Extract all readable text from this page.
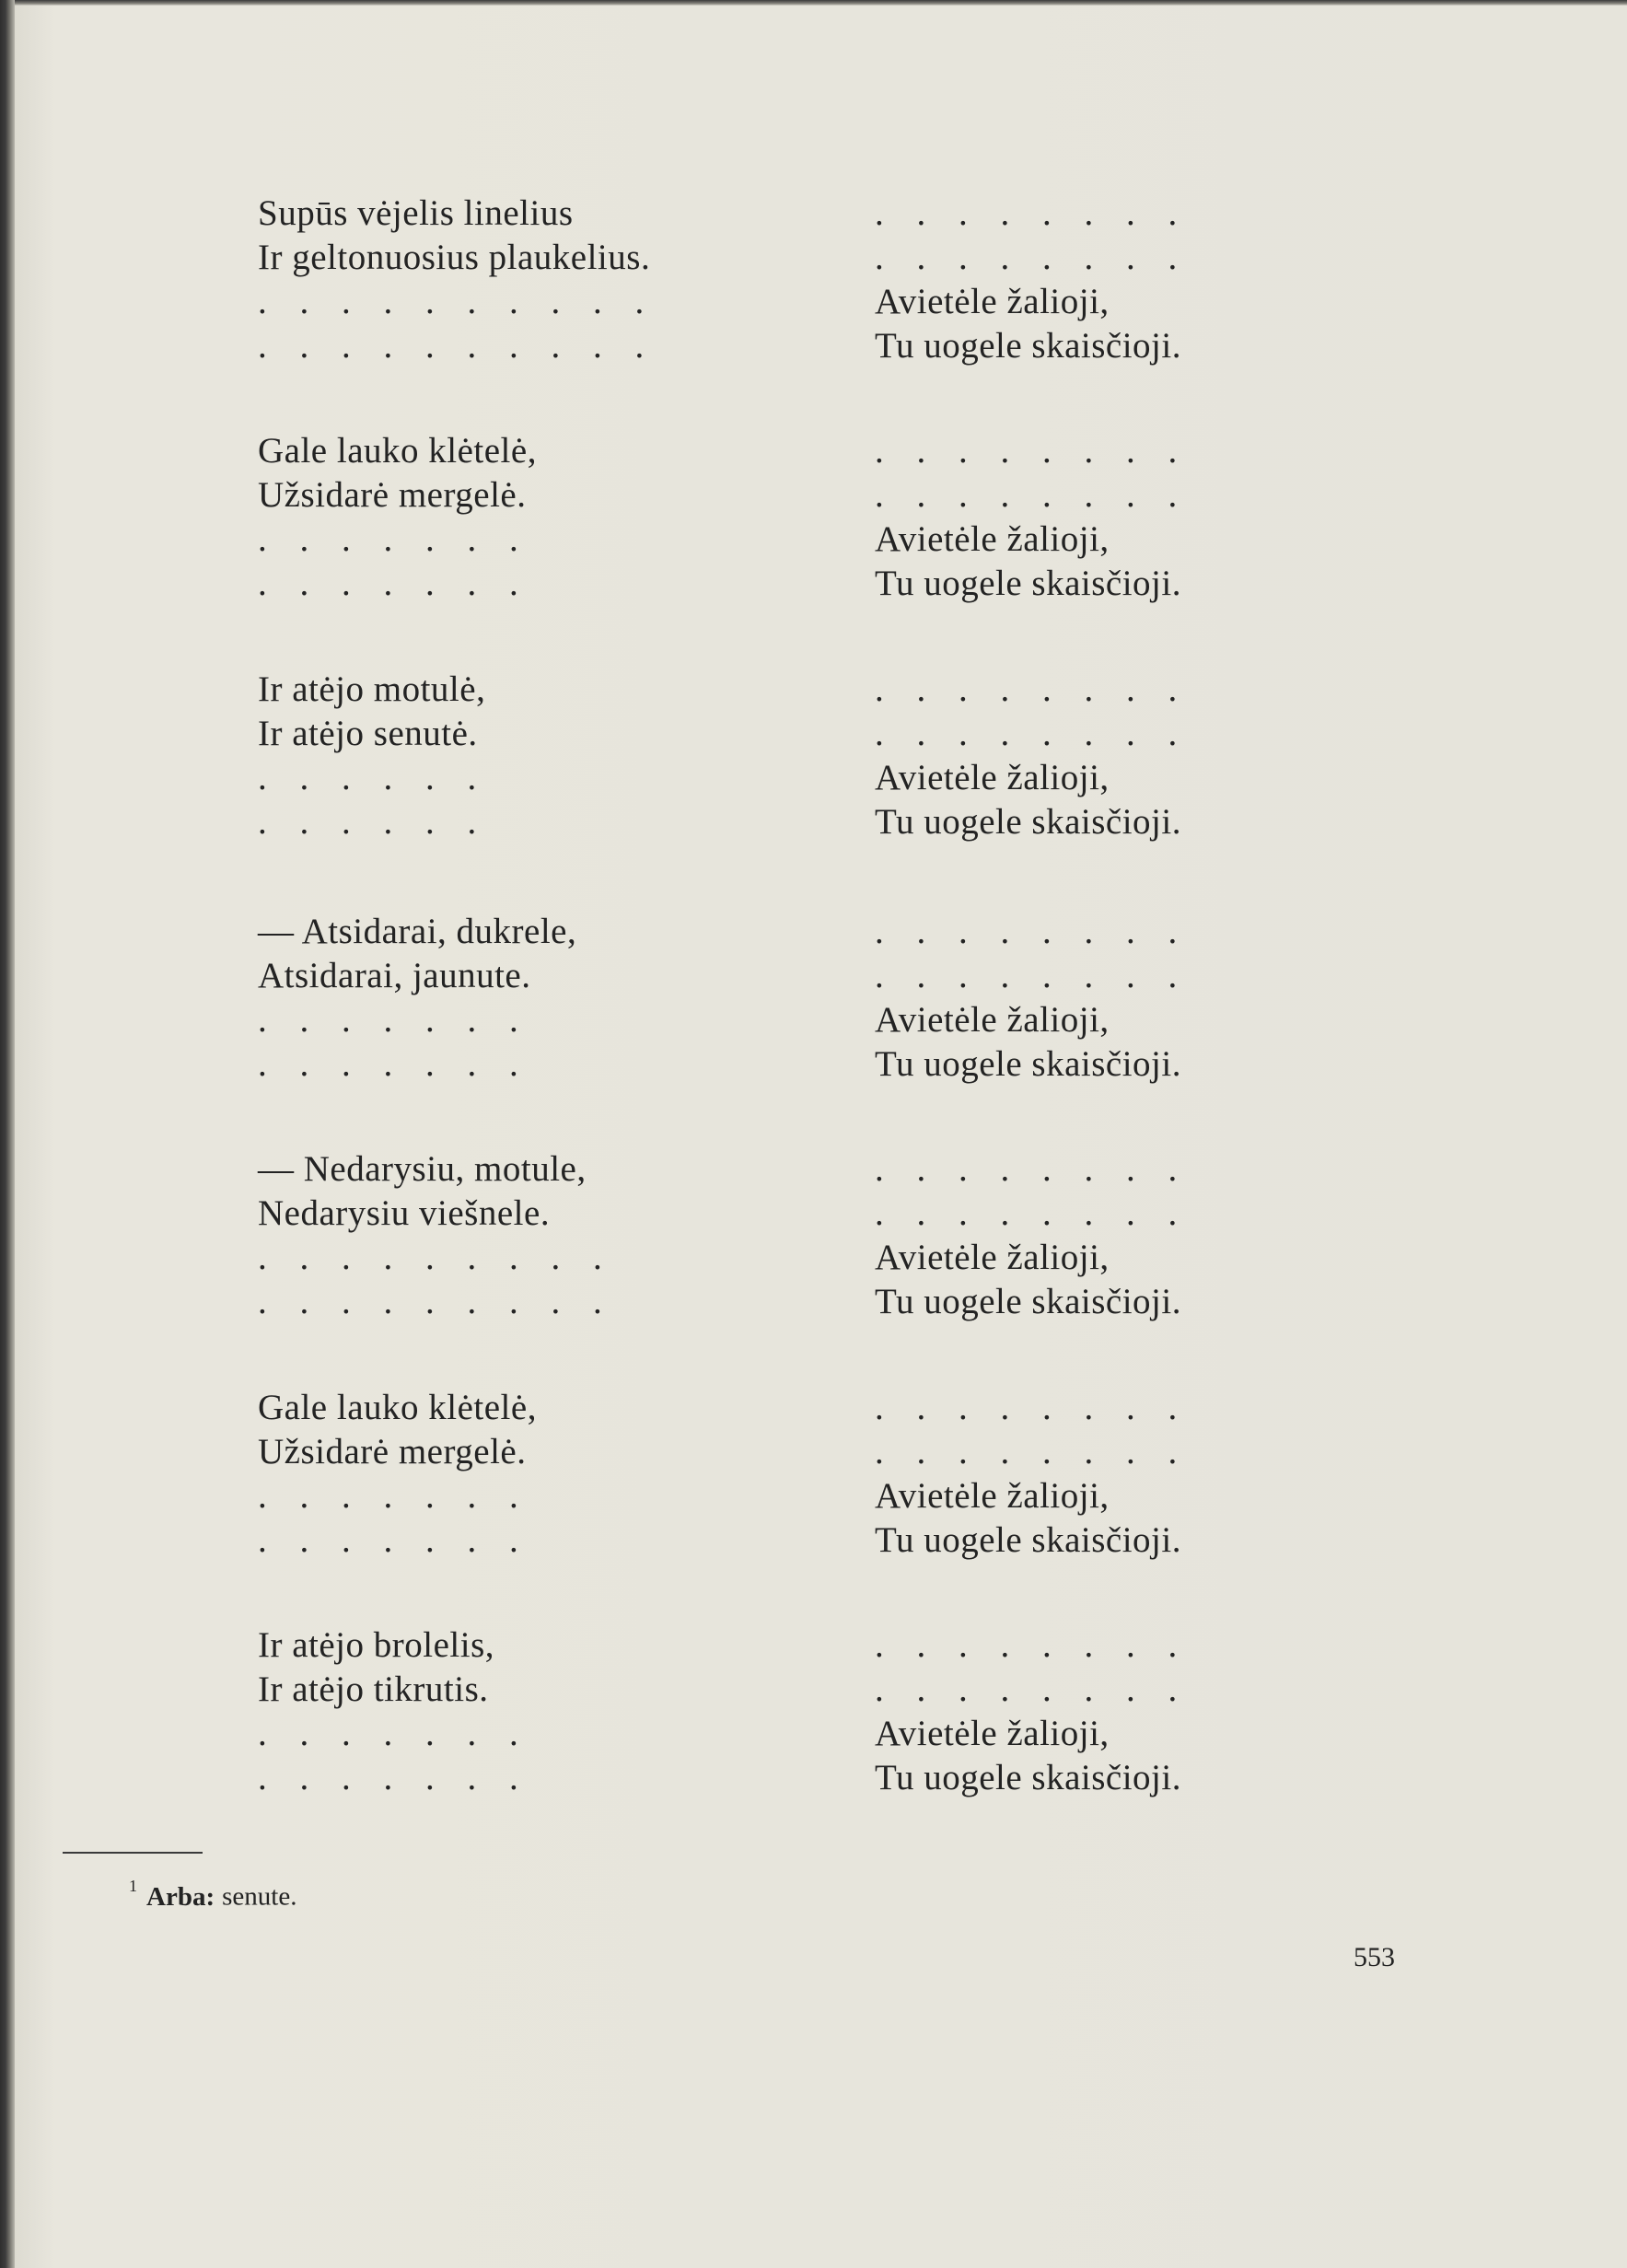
Supūs vėjelis linelius
Ir geltonuosius plaukelius.
. . . . . . . . . .
. . . . . . . . . .
. . . . . . . .
. . . . . . . .
Avietėle žalioji,
Tu uogele skaisčioji.
Gale lauko klėtelė,
Užsidarė mergelė.
. . . . . . .
. . . . . . .
. . . . . . . .
. . . . . . . .
Avietėle žalioji,
Tu uogele skaisčioji.
Ir atėjo motulė,
Ir atėjo senutė.
. . . . . .
. . . . . .
. . . . . . . .
. . . . . . . .
Avietėle žalioji,
Tu uogele skaisčioji.
— Atsidarai, dukrele,
Atsidarai, jaunute.
. . . . . . .
. . . . . . .
. . . . . . . .
. . . . . . . .
Avietėle žalioji,
Tu uogele skaisčioji.
— Nedarysiu, motule,
Nedarysiu viešnele.
. . . . . . . . .
. . . . . . . . .
. . . . . . . .
. . . . . . . .
Avietėle žalioji,
Tu uogele skaisčioji.
Gale lauko klėtelė,
Užsidarė mergelė.
. . . . . . .
. . . . . . .
. . . . . . . .
. . . . . . . .
Avietėle žalioji,
Tu uogele skaisčioji.
Ir atėjo brolelis,
Ir atėjo tikrutis.
. . . . . . .
. . . . . . .
. . . . . . . .
. . . . . . . .
Avietėle žalioji,
Tu uogele skaisčioji.
$^1$ Arba: senute.
553
